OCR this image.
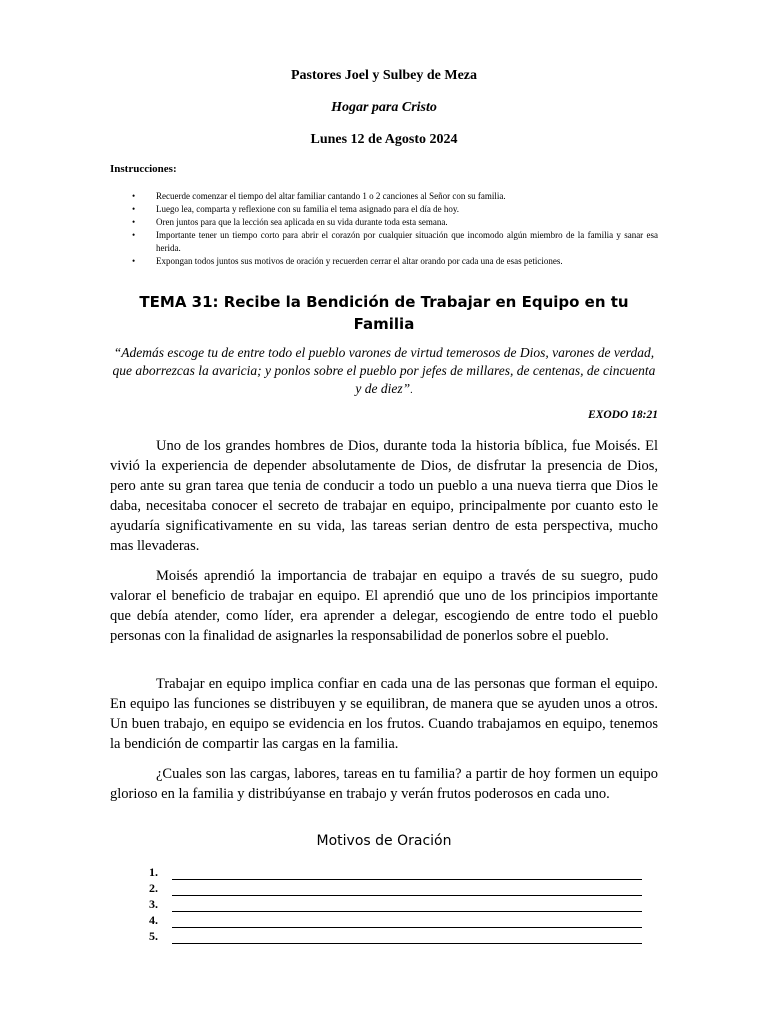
Pastores Joel y Sulbey de Meza
Hogar para Cristo
Lunes 12 de Agosto 2024
Instrucciones:
• Recuerde comenzar el tiempo del altar familiar cantando 1 o 2 canciones al Señor con su familia.
• Luego lea, comparta y reflexione con su familia el tema asignado para el día de hoy.
• Oren juntos para que la lección sea aplicada en su vida durante toda esta semana.
• Importante tener un tiempo corto para abrir el corazón por cualquier situación que incomodo algún miembro de la familia y sanar esa herida.
• Expongan todos juntos sus motivos de oración y recuerden cerrar el altar orando por cada una de esas peticiones.
TEMA 31: Recibe la Bendición de Trabajar en Equipo en tu Familia
“Además escoge tu de entre todo el pueblo varones de virtud temerosos de Dios, varones de verdad, que aborrezcas la avaricia; y ponlos sobre el pueblo por jefes de millares, de centenas, de cincuenta y de diez”.
EXODO 18:21

Uno de los grandes hombres de Dios, durante toda la historia bíblica, fue Moisés. El vivió la experiencia de depender absolutamente de Dios, de disfrutar la presencia de Dios, pero ante su gran tarea que tenia de conducir a todo un pueblo a una nueva tierra que Dios le daba, necesitaba conocer el secreto de trabajar en equipo, principalmente por cuanto esto le ayudaría significativamente en su vida, las tareas serian dentro de esta perspectiva, mucho mas llevaderas.

Moisés aprendió la importancia de trabajar en equipo a través de su suegro, pudo valorar el beneficio de trabajar en equipo. El aprendió que uno de los principios importante que debía atender, como líder, era aprender a delegar, escogiendo de entre todo el pueblo personas con la finalidad de asignarles la responsabilidad de ponerlos sobre el pueblo.

Trabajar en equipo implica confiar en cada una de las personas que forman el equipo. En equipo las funciones se distribuyen y se equilibran, de manera que se ayuden unos a otros. Un buen trabajo, en equipo se evidencia en los frutos. Cuando trabajamos en equipo, tenemos la bendición de compartir las cargas en la familia.

¿Cuales son las cargas, labores, tareas en tu familia? a partir de hoy formen un equipo glorioso en la familia y distribúyanse en trabajo y verán frutos poderosos en cada uno.

Motivos de Oración
1.
2.
3.
4.
5.
